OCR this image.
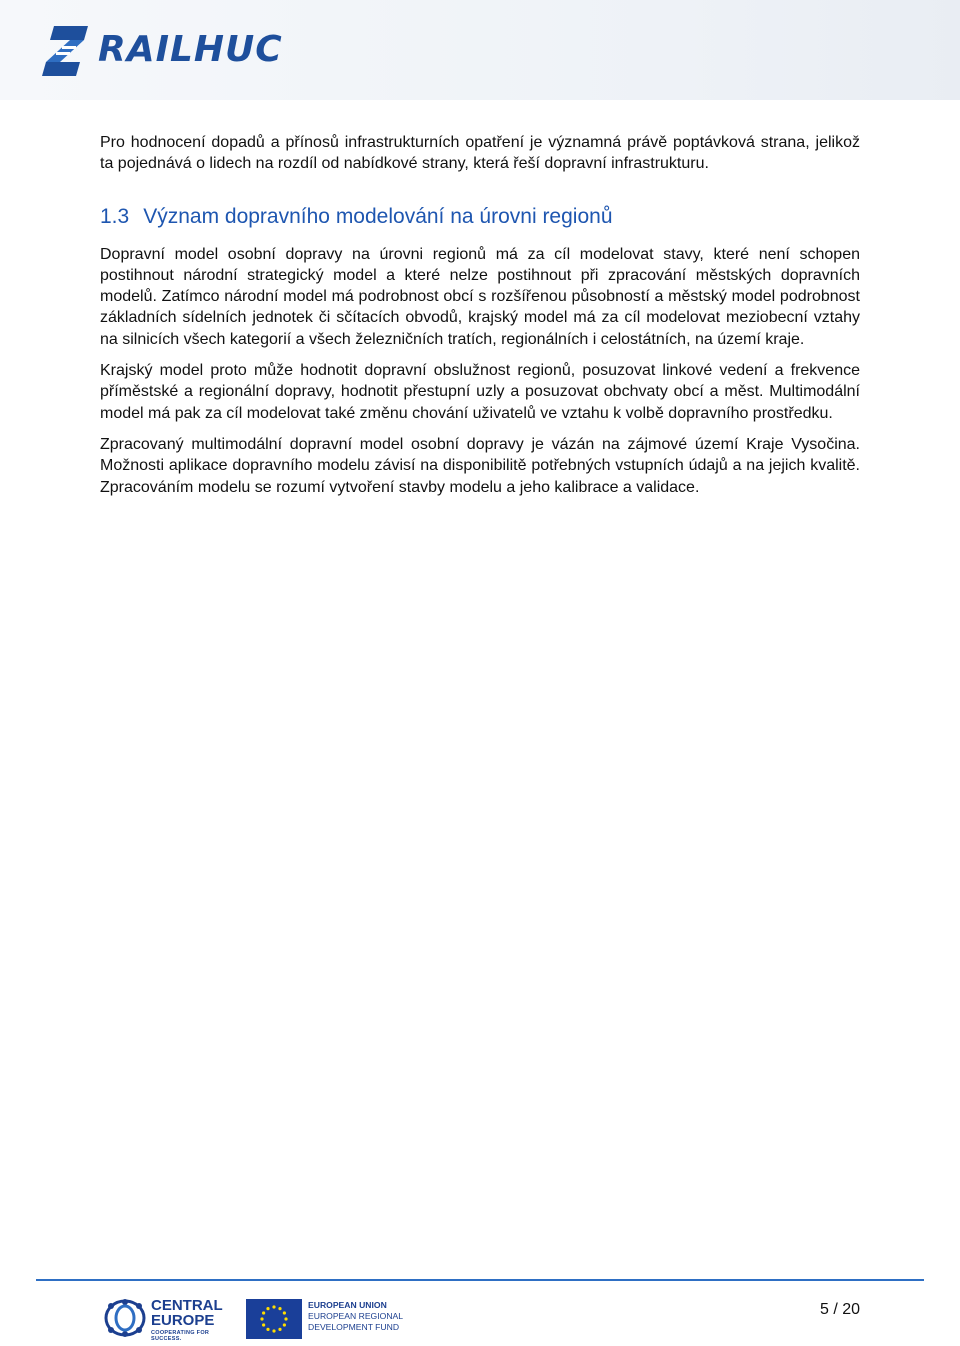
RAILHUC

Pro hodnocení dopadů a přínosů infrastrukturních opatření je významná právě poptávková strana, jelikož ta pojednává o lidech na rozdíl od nabídkové strany, která řeší dopravní infrastrukturu.

1.3 Význam dopravního modelování na úrovni regionů

Dopravní model osobní dopravy na úrovni regionů má za cíl modelovat stavy, které není schopen postihnout národní strategický model a které nelze postihnout při zpracování městských dopravních modelů. Zatímco národní model má podrobnost obcí s rozšířenou působností a městský model podrobnost základních sídelních jednotek či sčítacích obvodů, krajský model má za cíl modelovat meziobecní vztahy na silnicích všech kategorií a všech železničních tratích, regionálních i celostátních, na území kraje.

Krajský model proto může hodnotit dopravní obslužnost regionů, posuzovat linkové vedení a frekvence příměstské a regionální dopravy, hodnotit přestupní uzly a posuzovat obchvaty obcí a měst. Multimodální model má pak za cíl modelovat také změnu chování uživatelů ve vztahu k volbě dopravního prostředku.

Zpracovaný multimodální dopravní model osobní dopravy je vázán na zájmové území Kraje Vysočina. Možnosti aplikace dopravního modelu závisí na disponibilitě potřebných vstupních údajů a na jejich kvalitě. Zpracováním modelu se rozumí vytvoření stavby modelu a jeho kalibrace a validace.

CENTRAL
EUROPE
COOPERATING FOR SUCCESS.
EUROPEAN UNION
EUROPEAN REGIONAL
DEVELOPMENT FUND
5 / 20
